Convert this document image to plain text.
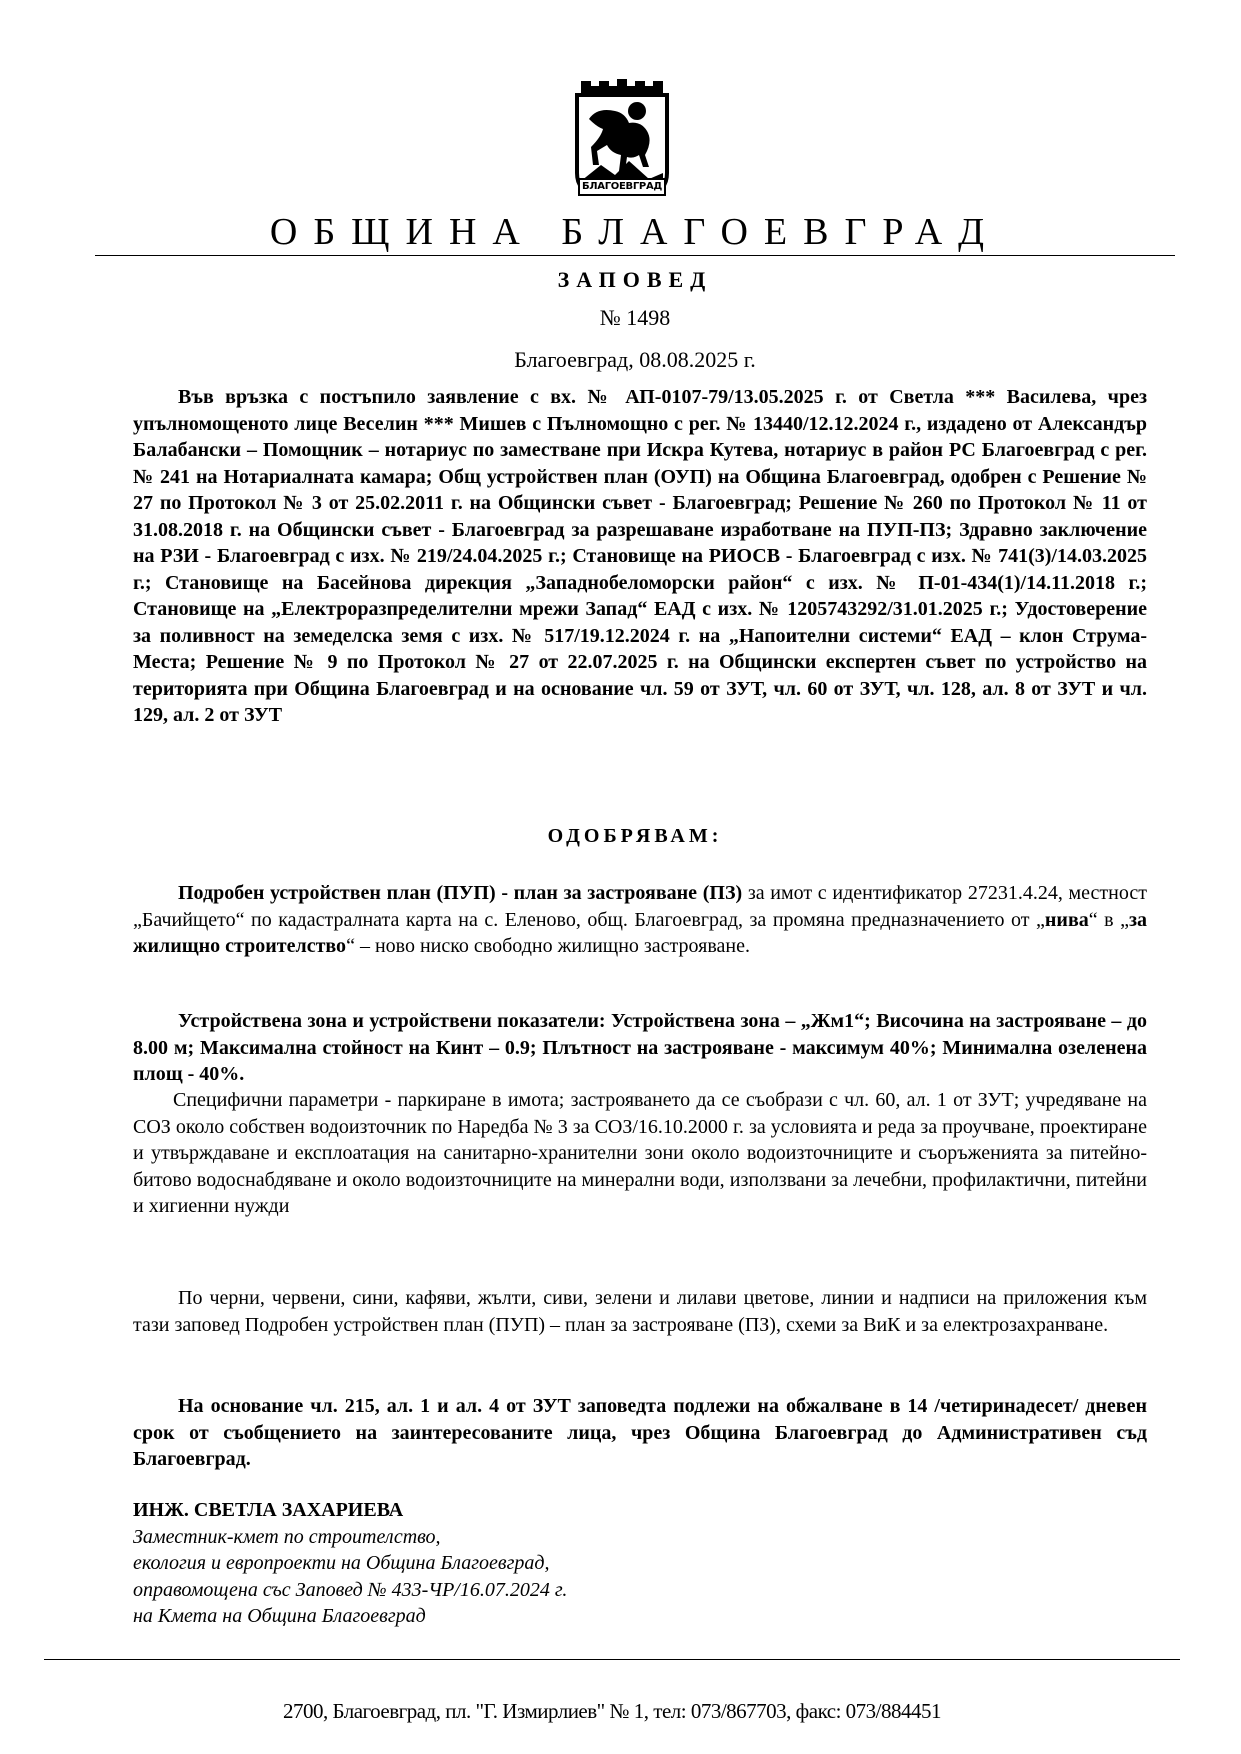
БЛАГОЕВГРАД
ОБЩИНА БЛАГОЕВГРАД
ЗАПОВЕД
№ 1498
Благоевград, 08.08.2025 г.
Във връзка с постъпило заявление с вх. № АП-0107-79/13.05.2025 г. от Светла *** Василева, чрез упълномощеното лице Веселин *** Мишев с Пълномощно с рег. № 13440/12.12.2024 г., издадено от Александър Балабански – Помощник – нотариус по заместване при Искра Кутева, нотариус в район РС Благоевград с рег. № 241 на Нотариалната камара; Общ устройствен план (ОУП) на Община Благоевград, одобрен с Решение № 27 по Протокол № 3 от 25.02.2011 г. на Общински съвет - Благоевград; Решение № 260 по Протокол № 11 от 31.08.2018 г. на Общински съвет - Благоевград за разрешаване изработване на ПУП-ПЗ; Здравно заключение на РЗИ - Благоевград с изх. № 219/24.04.2025 г.; Становище на РИОСВ - Благоевград с изх. № 741(3)/14.03.2025 г.; Становище на Басейнова дирекция „Западнобеломорски район“ с изх. № П-01-434(1)/14.11.2018 г.; Становище на „Електроразпределителни мрежи Запад“ ЕАД с изх. № 1205743292/31.01.2025 г.; Удостоверение за поливност на земеделска земя с изх. № 517/19.12.2024 г. на „Напоителни системи“ ЕАД – клон Струма-Места; Решение № 9 по Протокол № 27 от 22.07.2025 г. на Общински експертен съвет по устройство на територията при Община Благоевград и на основание чл. 59 от ЗУТ, чл. 60 от ЗУТ, чл. 128, ал. 8 от ЗУТ и чл. 129, ал. 2 от ЗУТ
ОДОБРЯВАМ:
Подробен устройствен план (ПУП) - план за застрояване (ПЗ) за имот с идентификатор 27231.4.24, местност „Бачийщето“ по кадастралната карта на с. Еленово, общ. Благоевград, за промяна предназначението от „нива“ в „за жилищно строителство“ – ново ниско свободно жилищно застрояване.
Устройствена зона и устройствени показатели: Устройствена зона – „Жм1“; Височина на застрояване – до 8.00 м; Максимална стойност на Кинт – 0.9; Плътност на застрояване - максимум 40%; Минимална озеленена площ - 40%.
Специфични параметри - паркиране в имота; застрояването да се съобрази с чл. 60, ал. 1 от ЗУТ; учредяване на СОЗ около собствен водоизточник по Наредба № 3 за СОЗ/16.10.2000 г. за условията и реда за проучване, проектиране и утвърждаване и експлоатация на санитарно-хранителни зони около водоизточниците и съоръженията за питейно-битово водоснабдяване и около водоизточниците на минерални води, използвани за лечебни, профилактични, питейни и хигиенни нужди
По черни, червени, сини, кафяви, жълти, сиви, зелени и лилави цветове, линии и надписи на приложения към тази заповед Подробен устройствен план (ПУП) – план за застрояване (ПЗ), схеми за ВиК и за електрозахранване.
На основание чл. 215, ал. 1 и ал. 4 от ЗУТ заповедта подлежи на обжалване в 14 /четиринадесет/ дневен срок от съобщението на заинтересованите лица, чрез Община Благоевград до Административен съд Благоевград.
ИНЖ. СВЕТЛА ЗАХАРИЕВА
Заместник-кмет по строителство,
екология и европроекти на Община Благоевград,
оправомощена със Заповед № 433-ЧР/16.07.2024 г.
на Кмета на Община Благоевград
2700, Благоевград, пл. "Г. Измирлиев" № 1, тел: 073/867703, факс: 073/884451
